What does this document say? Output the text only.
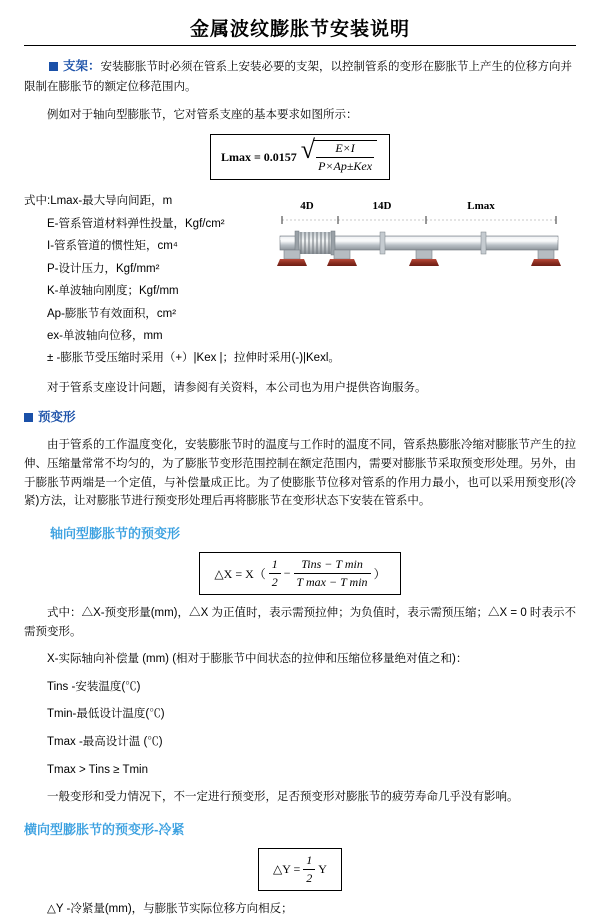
金属波纹膨胀节安装说明

支架：安装膨胀节时必须在管系上安装必要的支架，以控制管系的变形在膨胀节上产生的位移方向并限制在膨胀节的额定位移范围内。

例如对于轴向型膨胀节，它对管系支座的基本要求如图所示：

Lmax = 0.0157 √
$\frac{E\times I}{\text{P×Ap±Kex}}$
式中:Lmax-最大导向间距，m
E-管系管道材料弹性投量，Kgf/cm²
I-管系管道的惯性矩，cm⁴
P-设计压力，Kgf/mm²
K-单波轴向刚度；Kgf/mm
Ap-膨胀节有效面积，cm²
ex-单波轴向位移，mm
± -膨胀节受压缩时采用（+）|Kex |；拉伸时采用(-)|Kexl。
4D	14D	Lmax

对于管系支座设计问题，请参阅有关资料，本公司也为用户提供咨询服务。

预变形

由于管系的工作温度变化，安装膨胀节时的温度与工作时的温度不同，管系热膨胀冷缩对膨胀节产生的拉伸、压缩量常常不均匀的，为了膨胀节变形范围控制在额定范围内，需要对膨胀节采取预变形处理。另外，由于膨胀节两端是一个定值，与补偿量成正比。为了使膨胀节位移对管系的作用力最小，也可以采用预变形(冷紧)方法，让对膨胀节进行预变形处理后再将膨胀节在变形状态下安装在管系中。

轴向型膨胀节的预变形

△X = $X( \frac{1}{2} - \frac{\text{Tins − T min}}{\text{T max − T min}}$ ）

式中：△X-预变形量(mm)，△X 为正值时，表示需预拉伸；为负值时，表示需预压缩；△X = 0 时表示不需预变形。

X-实际轴向补偿量 (mm) (相对于膨胀节中间状态的拉伸和压缩位移量绝对值之和)：

Tins -安装温度(℃)

Tmin-最低设计温度(℃)

Tmax -最高设计温 (℃)

Tmax > Tins ≥ Tmin

一般变形和受力情况下，不一定进行预变形，足否预变形对膨胀节的疲劳寿命几乎没有影响。

横向型膨胀节的预变形-冷紧

△Y = $\frac{1}{2}$ Y

△Y -冷紧量(mm)，与膨胀节实际位移方向相反；
